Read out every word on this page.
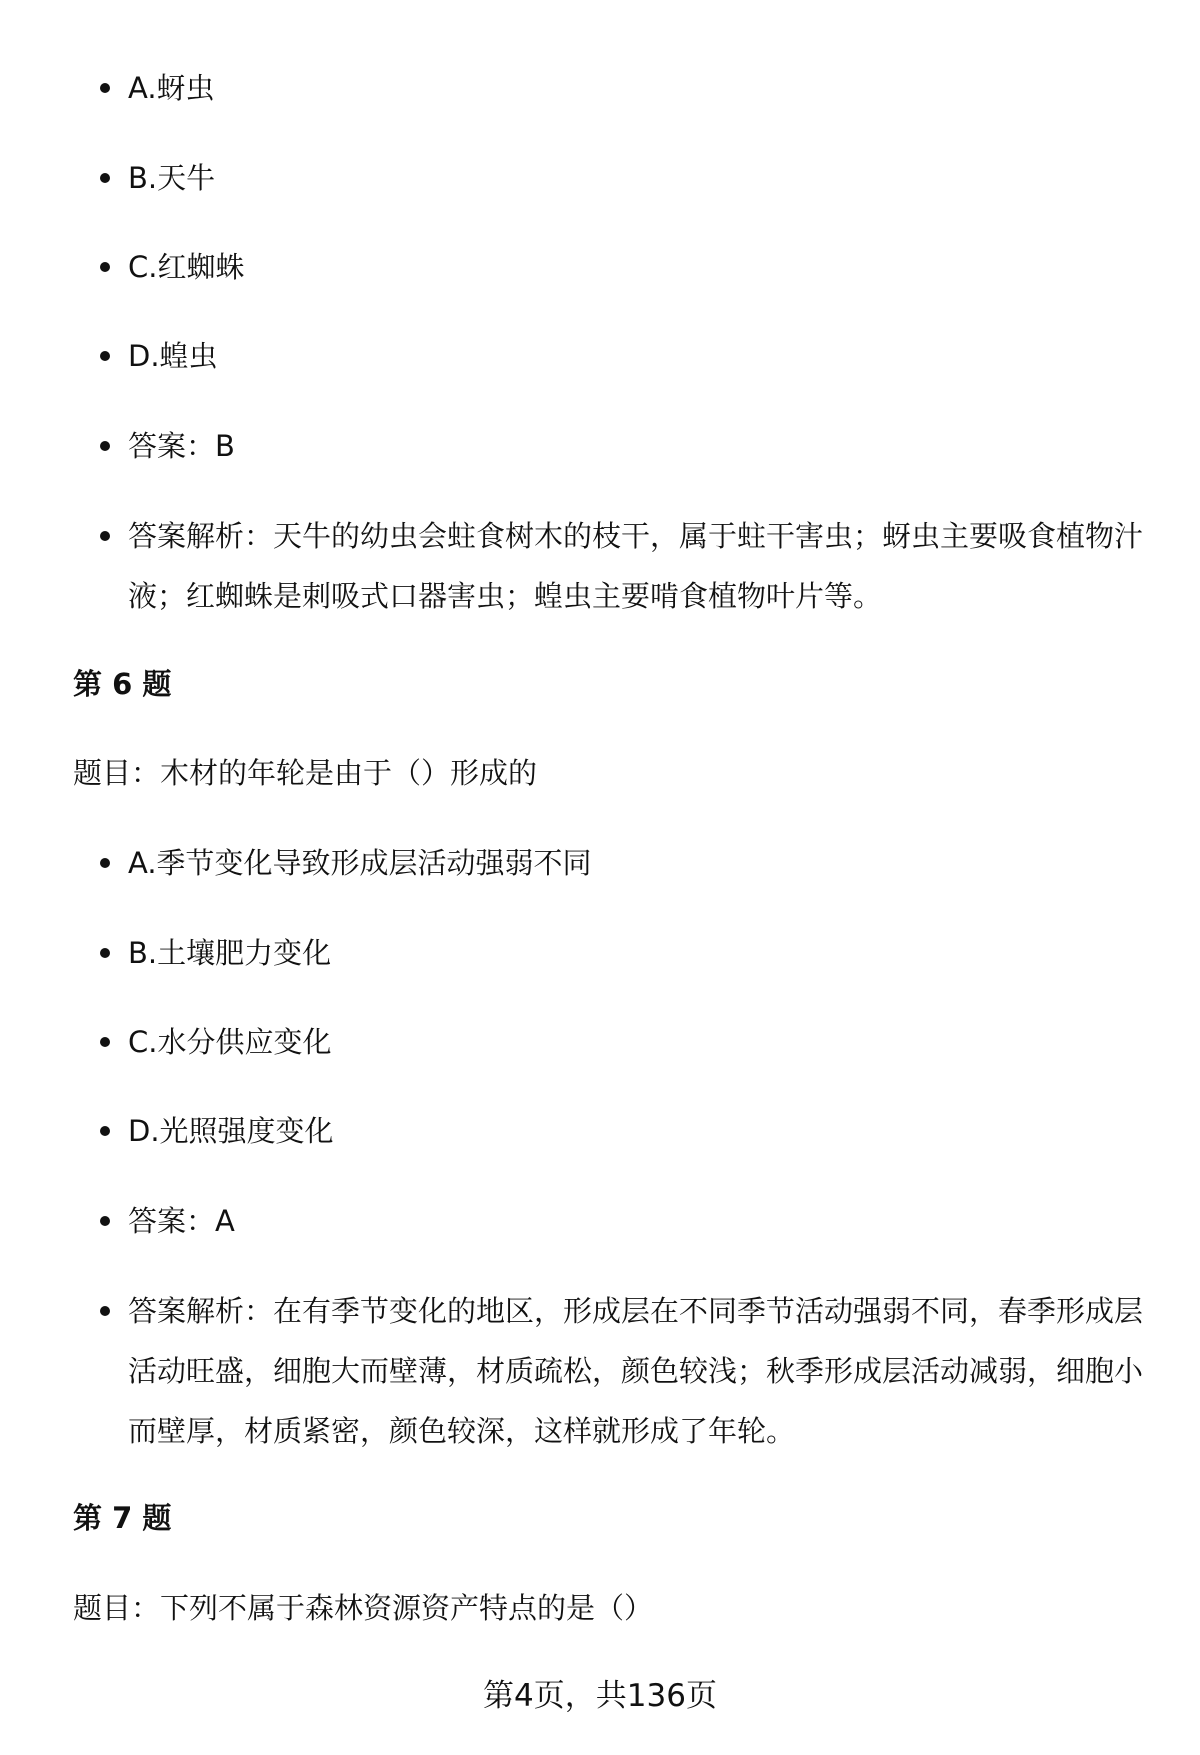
A.蚜虫
B.天牛
C.红蜘蛛
D.蝗虫
答案：B
答案解析：天牛的幼虫会蛀食树木的枝干，属于蛀干害虫；蚜虫主要吸食植物汁液；红蜘蛛是刺吸式口器害虫；蝗虫主要啃食植物叶片等。
第 6 题
题目：木材的年轮是由于（）形成的
A.季节变化导致形成层活动强弱不同
B.土壤肥力变化
C.水分供应变化
D.光照强度变化
答案：A
答案解析：在有季节变化的地区，形成层在不同季节活动强弱不同，春季形成层活动旺盛，细胞大而壁薄，材质疏松，颜色较浅；秋季形成层活动减弱，细胞小而壁厚，材质紧密，颜色较深，这样就形成了年轮。
第 7 题
题目：下列不属于森林资源资产特点的是（）
第4页，共136页
